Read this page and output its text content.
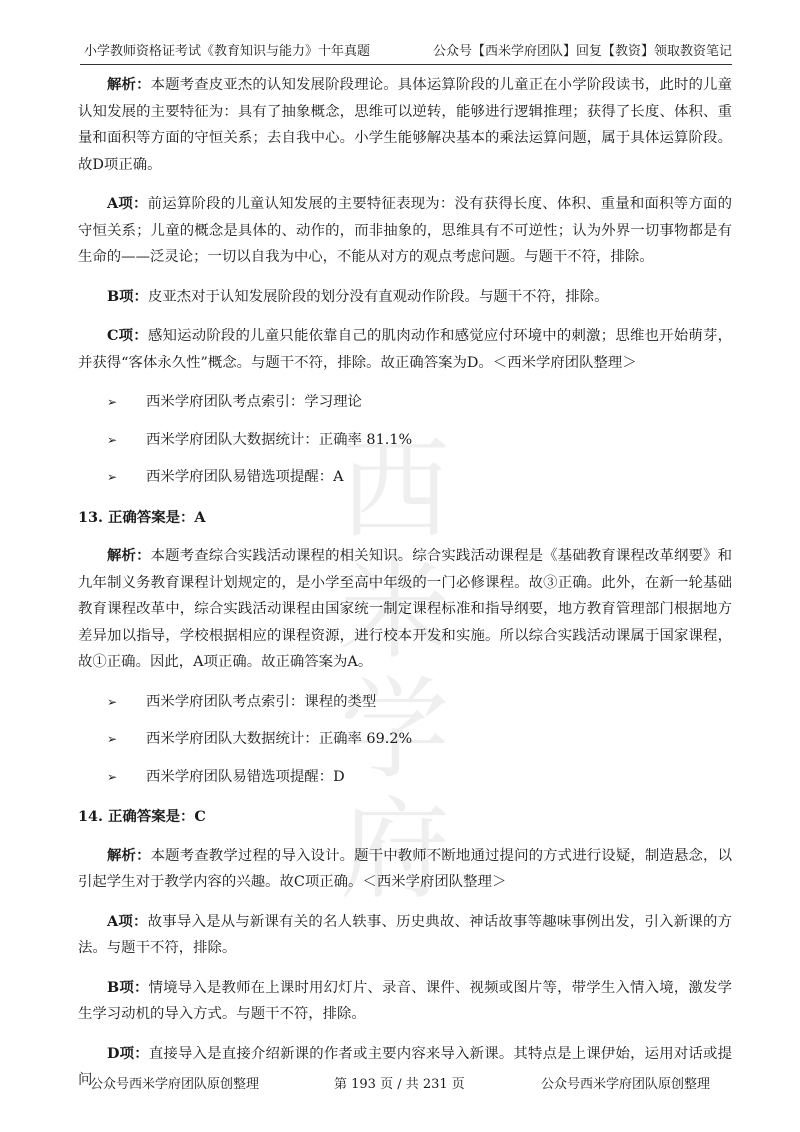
小学教师资格证考试《教育知识与能力》十年真题	公众号【西米学府团队】回复【教资】领取教资笔记
西米学府

解析：本题考查皮亚杰的认知发展阶段理论。具体运算阶段的儿童正在小学阶段读书，此时的儿童认知发展的主要特征为：具有了抽象概念，思维可以逆转，能够进行逻辑推理；获得了长度、体积、重量和面积等方面的守恒关系；去自我中心。小学生能够解决基本的乘法运算问题，属于具体运算阶段。故D项正确。

A项：前运算阶段的儿童认知发展的主要特征表现为：没有获得长度、体积、重量和面积等方面的守恒关系；儿童的概念是具体的、动作的，而非抽象的，思维具有不可逆性；认为外界一切事物都是有生命的——泛灵论；一切以自我为中心，不能从对方的观点考虑问题。与题干不符，排除。

B项：皮亚杰对于认知发展阶段的划分没有直观动作阶段。与题干不符，排除。

C项：感知运动阶段的儿童只能依靠自己的肌肉动作和感觉应付环境中的刺激；思维也开始萌芽，并获得“客体永久性”概念。与题干不符，排除。故正确答案为D。＜西米学府团队整理＞

➢ 西米学府团队考点索引：学习理论
➢ 西米学府团队大数据统计：正确率 81.1%
➢ 西米学府团队易错选项提醒：A
13. 正确答案是：A

解析：本题考查综合实践活动课程的相关知识。综合实践活动课程是《基础教育课程改革纲要》和九年制义务教育课程计划规定的，是小学至高中年级的一门必修课程。故③正确。此外，在新一轮基础教育课程改革中，综合实践活动课程由国家统一制定课程标准和指导纲要，地方教育管理部门根据地方差异加以指导，学校根据相应的课程资源，进行校本开发和实施。所以综合实践活动课属于国家课程，故①正确。因此，A项正确。故正确答案为A。

➢ 西米学府团队考点索引：课程的类型
➢ 西米学府团队大数据统计：正确率 69.2%
➢ 西米学府团队易错选项提醒：D
14. 正确答案是：C

解析：本题考查教学过程的导入设计。题干中教师不断地通过提问的方式进行设疑，制造悬念，以引起学生对于教学内容的兴趣。故C项正确。＜西米学府团队整理＞

A项：故事导入是从与新课有关的名人轶事、历史典故、神话故事等趣味事例出发，引入新课的方法。与题干不符，排除。

B项：情境导入是教师在上课时用幻灯片、录音、课件、视频或图片等，带学生入情入境，激发学生学习动机的导入方式。与题干不符，排除。

D项：直接导入是直接介绍新课的作者或主要内容来导入新课。其特点是上课伊始，运用对话或提问

公众号西米学府团队原创整理	第 193 页 / 共 231 页	公众号西米学府团队原创整理
